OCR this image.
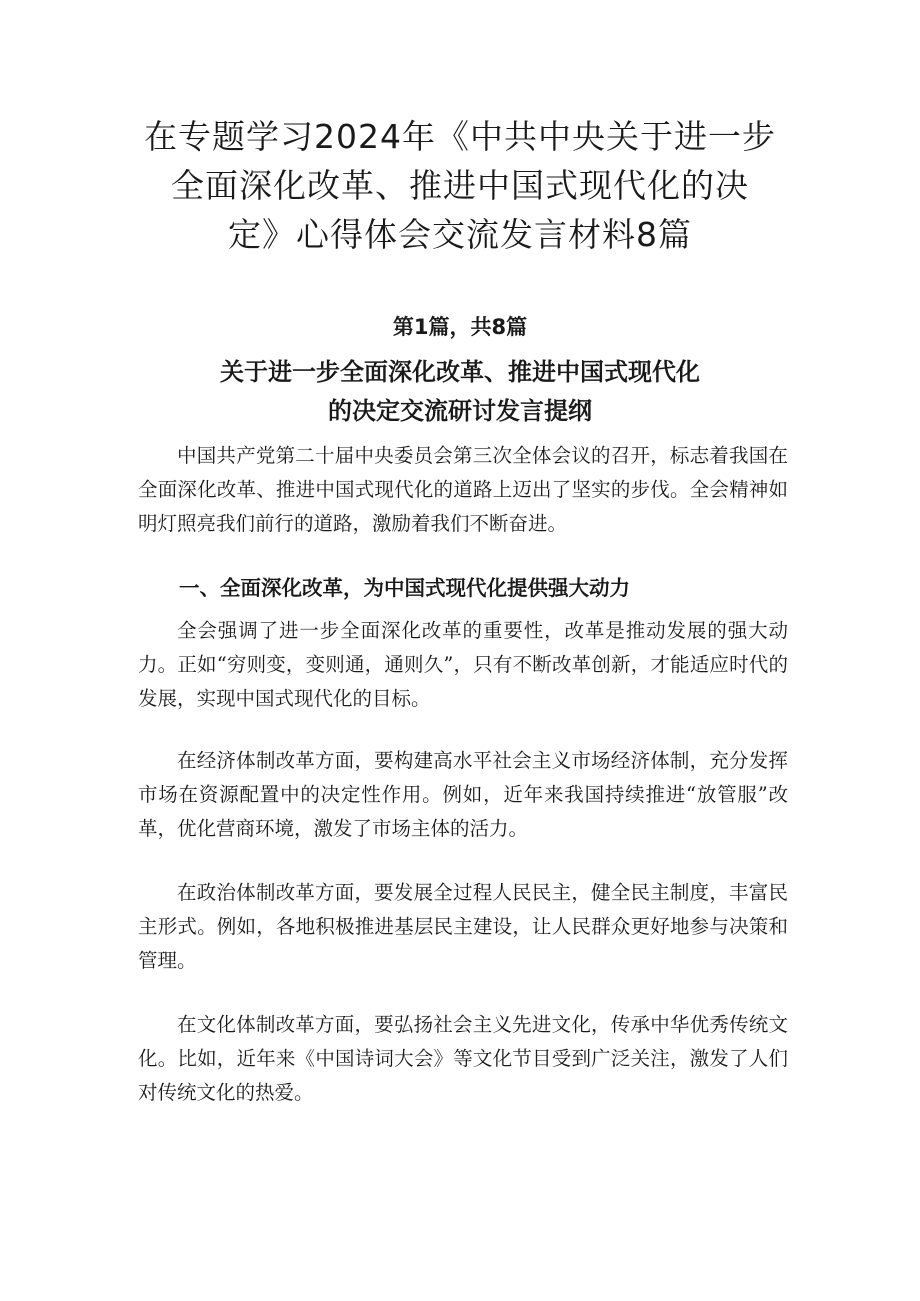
在专题学习2024年《中共中央关于进一步
全面深化改革、推进中国式现代化的决
定》心得体会交流发言材料8篇

第1篇，共8篇

关于进一步全面深化改革、推进中国式现代化
的决定交流研讨发言提纲

中国共产党第二十届中央委员会第三次全体会议的召开，标志着我国在全面深化改革、推进中国式现代化的道路上迈出了坚实的步伐。全会精神如明灯照亮我们前行的道路，激励着我们不断奋进。

一、全面深化改革，为中国式现代化提供强大动力

全会强调了进一步全面深化改革的重要性，改革是推动发展的强大动力。正如“穷则变，变则通，通则久”，只有不断改革创新，才能适应时代的发展，实现中国式现代化的目标。

在经济体制改革方面，要构建高水平社会主义市场经济体制，充分发挥市场在资源配置中的决定性作用。例如，近年来我国持续推进“放管服”改革，优化营商环境，激发了市场主体的活力。

在政治体制改革方面，要发展全过程人民民主，健全民主制度，丰富民主形式。例如，各地积极推进基层民主建设，让人民群众更好地参与决策和管理。

在文化体制改革方面，要弘扬社会主义先进文化，传承中华优秀传统文化。比如，近年来《中国诗词大会》等文化节目受到广泛关注，激发了人们对传统文化的热爱。
